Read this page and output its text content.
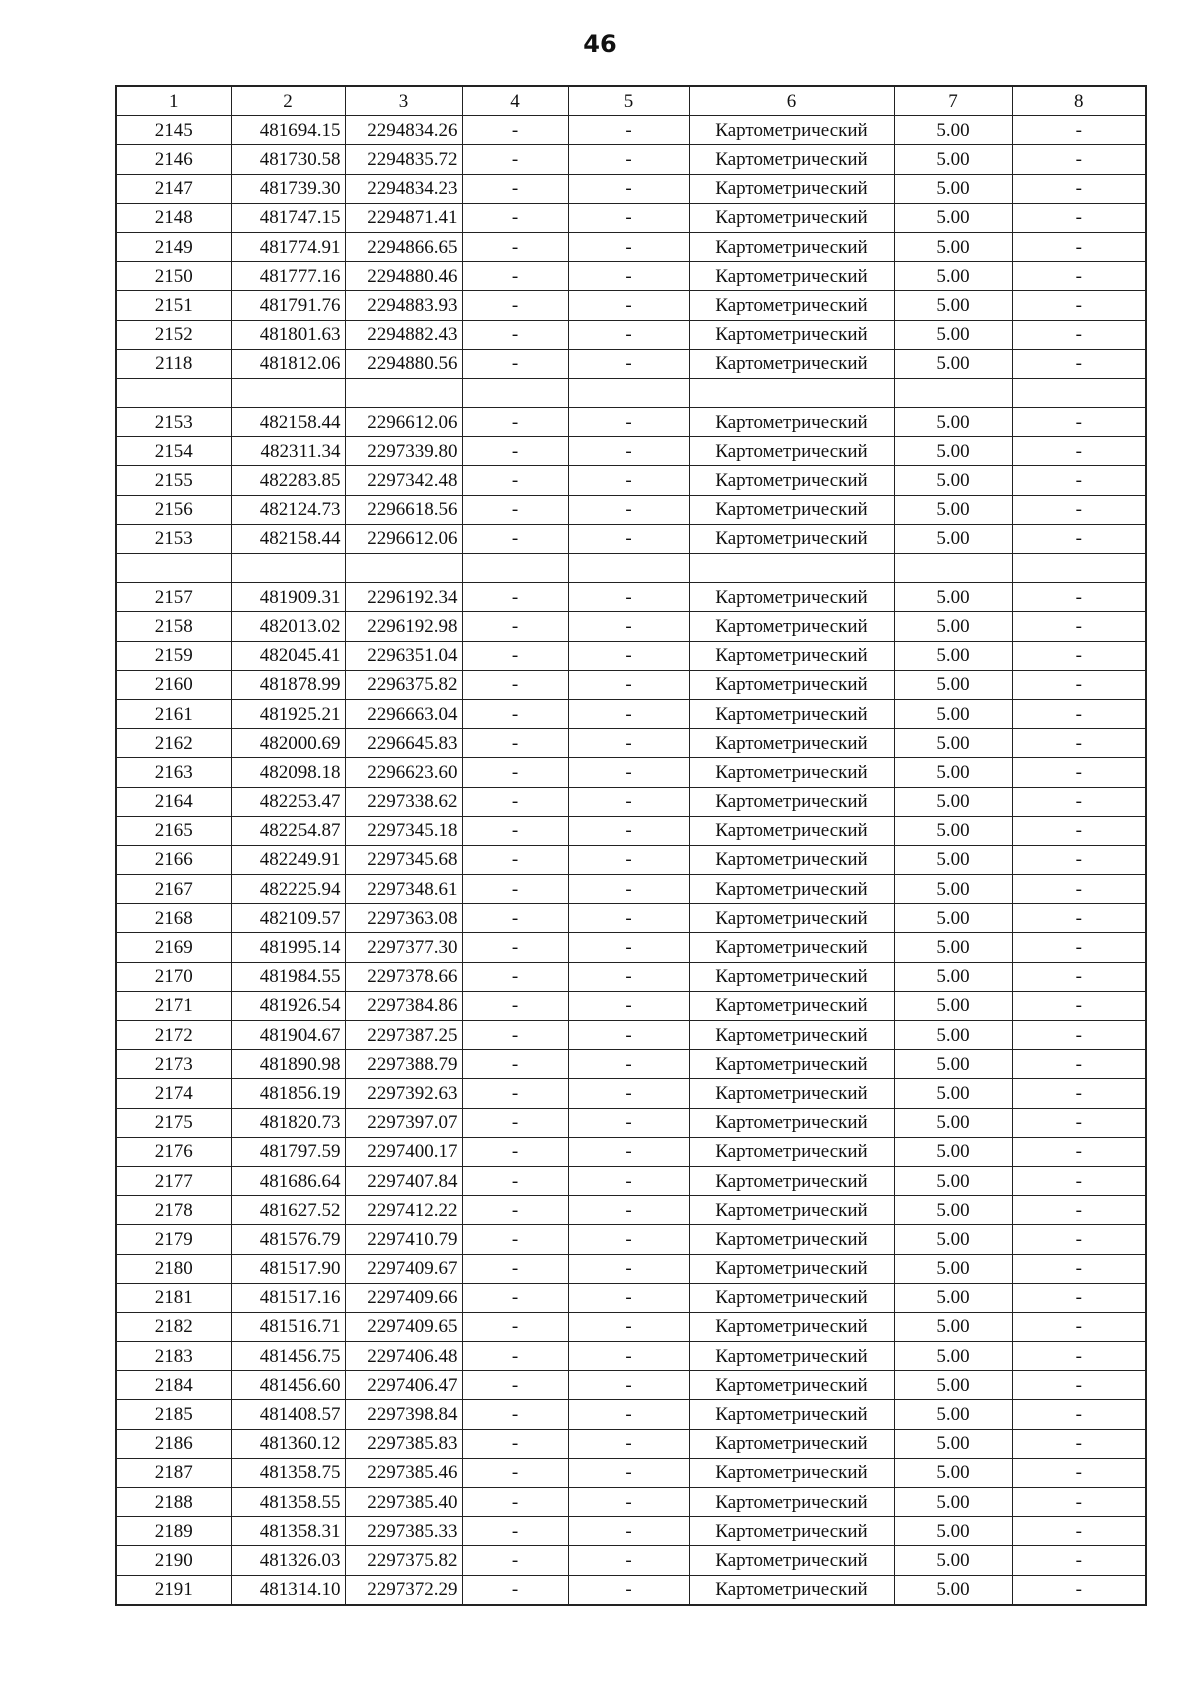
46
1	2	3	4	5	6	7	8
2145	481694.15	2294834.26	-	-	Картометрический	5.00	-
2146	481730.58	2294835.72	-	-	Картометрический	5.00	-
2147	481739.30	2294834.23	-	-	Картометрический	5.00	-
2148	481747.15	2294871.41	-	-	Картометрический	5.00	-
2149	481774.91	2294866.65	-	-	Картометрический	5.00	-
2150	481777.16	2294880.46	-	-	Картометрический	5.00	-
2151	481791.76	2294883.93	-	-	Картометрический	5.00	-
2152	481801.63	2294882.43	-	-	Картометрический	5.00	-
2118	481812.06	2294880.56	-	-	Картометрический	5.00	-

2153	482158.44	2296612.06	-	-	Картометрический	5.00	-
2154	482311.34	2297339.80	-	-	Картометрический	5.00	-
2155	482283.85	2297342.48	-	-	Картометрический	5.00	-
2156	482124.73	2296618.56	-	-	Картометрический	5.00	-
2153	482158.44	2296612.06	-	-	Картометрический	5.00	-

2157	481909.31	2296192.34	-	-	Картометрический	5.00	-
2158	482013.02	2296192.98	-	-	Картометрический	5.00	-
2159	482045.41	2296351.04	-	-	Картометрический	5.00	-
2160	481878.99	2296375.82	-	-	Картометрический	5.00	-
2161	481925.21	2296663.04	-	-	Картометрический	5.00	-
2162	482000.69	2296645.83	-	-	Картометрический	5.00	-
2163	482098.18	2296623.60	-	-	Картометрический	5.00	-
2164	482253.47	2297338.62	-	-	Картометрический	5.00	-
2165	482254.87	2297345.18	-	-	Картометрический	5.00	-
2166	482249.91	2297345.68	-	-	Картометрический	5.00	-
2167	482225.94	2297348.61	-	-	Картометрический	5.00	-
2168	482109.57	2297363.08	-	-	Картометрический	5.00	-
2169	481995.14	2297377.30	-	-	Картометрический	5.00	-
2170	481984.55	2297378.66	-	-	Картометрический	5.00	-
2171	481926.54	2297384.86	-	-	Картометрический	5.00	-
2172	481904.67	2297387.25	-	-	Картометрический	5.00	-
2173	481890.98	2297388.79	-	-	Картометрический	5.00	-
2174	481856.19	2297392.63	-	-	Картометрический	5.00	-
2175	481820.73	2297397.07	-	-	Картометрический	5.00	-
2176	481797.59	2297400.17	-	-	Картометрический	5.00	-
2177	481686.64	2297407.84	-	-	Картометрический	5.00	-
2178	481627.52	2297412.22	-	-	Картометрический	5.00	-
2179	481576.79	2297410.79	-	-	Картометрический	5.00	-
2180	481517.90	2297409.67	-	-	Картометрический	5.00	-
2181	481517.16	2297409.66	-	-	Картометрический	5.00	-
2182	481516.71	2297409.65	-	-	Картометрический	5.00	-
2183	481456.75	2297406.48	-	-	Картометрический	5.00	-
2184	481456.60	2297406.47	-	-	Картометрический	5.00	-
2185	481408.57	2297398.84	-	-	Картометрический	5.00	-
2186	481360.12	2297385.83	-	-	Картометрический	5.00	-
2187	481358.75	2297385.46	-	-	Картометрический	5.00	-
2188	481358.55	2297385.40	-	-	Картометрический	5.00	-
2189	481358.31	2297385.33	-	-	Картометрический	5.00	-
2190	481326.03	2297375.82	-	-	Картометрический	5.00	-
2191	481314.10	2297372.29	-	-	Картометрический	5.00	-
